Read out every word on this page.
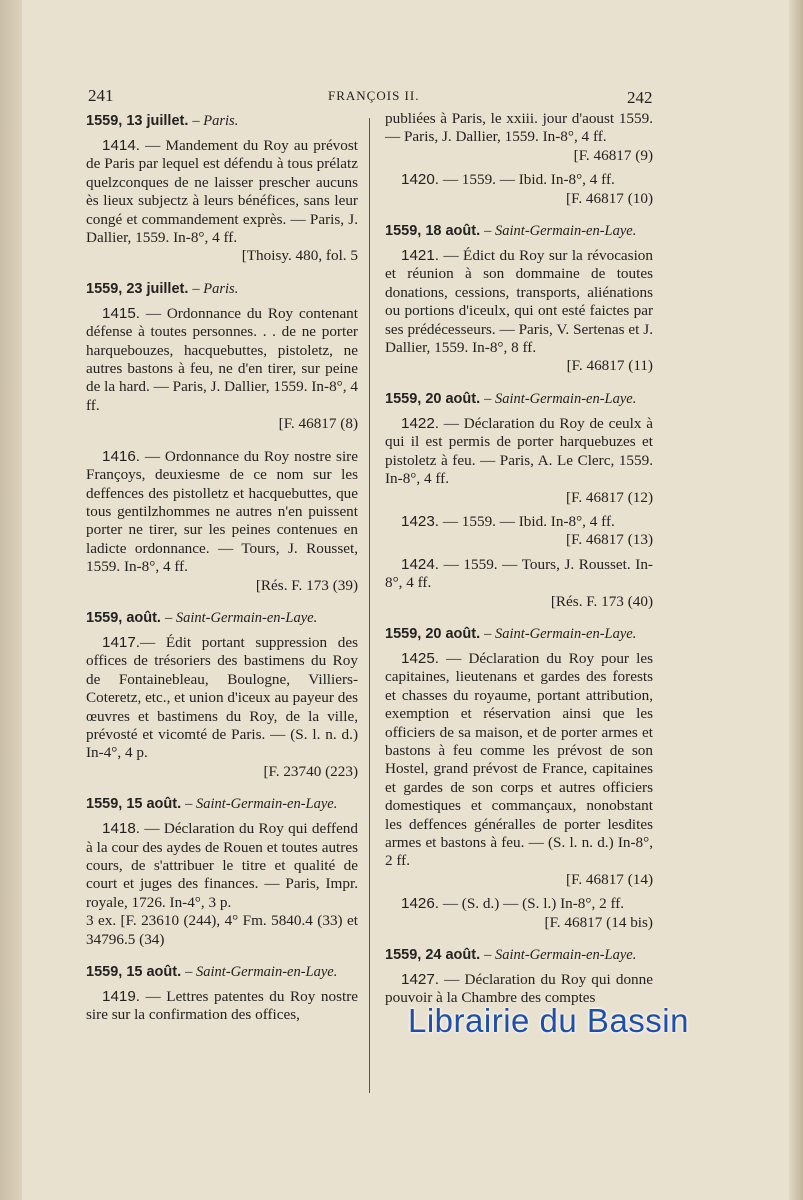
241	FRANÇOIS II.	242
1559, 13 juillet. – Paris.
1414. — Mandement du Roy au prévost de Paris par lequel est défendu à tous prélatz quelzconques de ne laisser prescher aucuns ès lieux subjectz à leurs bénéfices, sans leur congé et commandement exprès. — Paris, J. Dallier, 1559. In-8°, 4 ff.
[Thoisy. 480, fol. 5
1559, 23 juillet. – Paris.
1415. — Ordonnance du Roy contenant défense à toutes personnes. . . de ne porter harquebouzes, hacquebuttes, pistoletz, ne autres bastons à feu, ne d'en tirer, sur peine de la hard. — Paris, J. Dallier, 1559. In-8°, 4 ff.
[F. 46817 (8)
1416. — Ordonnance du Roy nostre sire Françoys, deuxiesme de ce nom sur les deffences des pistolletz et hacquebuttes, que tous gentilzhommes ne autres n'en puissent porter ne tirer, sur les peines contenues en ladicte ordonnance. — Tours, J. Rousset, 1559. In-8°, 4 ff.
[Rés. F. 173 (39)
1559, août. – Saint-Germain-en-Laye.
1417.— Édit portant suppression des offices de trésoriers des bastimens du Roy de Fontainebleau, Boulogne, Villiers-Coteretz, etc., et union d'iceux au payeur des œuvres et bastimens du Roy, de la ville, prévosté et vicomté de Paris. — (S. l. n. d.) In-4°, 4 p.
[F. 23740 (223)
1559, 15 août. – Saint-Germain-en-Laye.
1418. — Déclaration du Roy qui deffend à la cour des aydes de Rouen et toutes autres cours, de s'attribuer le titre et qualité de court et juges des finances. — Paris, Impr. royale, 1726. In-4°, 3 p.
3 ex. [F. 23610 (244), 4° Fm. 5840.4 (33) et 34796.5 (34)
1559, 15 août. – Saint-Germain-en-Laye.
1419. — Lettres patentes du Roy nostre sire sur la confirmation des offices,
publiées à Paris, le xxiii. jour d'aoust 1559. — Paris, J. Dallier, 1559. In-8°, 4 ff.
[F. 46817 (9)
1420. — 1559. — Ibid. In-8°, 4 ff.
[F. 46817 (10)
1559, 18 août. – Saint-Germain-en-Laye.
1421. — Édict du Roy sur la révocasion et réunion à son dommaine de toutes donations, cessions, transports, aliénations ou portions d'iceulx, qui ont esté faictes par ses prédécesseurs. — Paris, V. Sertenas et J. Dallier, 1559. In-8°, 8 ff.
[F. 46817 (11)
1559, 20 août. – Saint-Germain-en-Laye.
1422. — Déclaration du Roy de ceulx à qui il est permis de porter harquebuzes et pistoletz à feu. — Paris, A. Le Clerc, 1559. In-8°, 4 ff.
[F. 46817 (12)
1423. — 1559. — Ibid. In-8°, 4 ff.
[F. 46817 (13)
1424. — 1559. — Tours, J. Rousset. In-8°, 4 ff.
[Rés. F. 173 (40)
1559, 20 août. – Saint-Germain-en-Laye.
1425. — Déclaration du Roy pour les capitaines, lieutenans et gardes des forests et chasses du royaume, portant attribution, exemption et réservation ainsi que les officiers de sa maison, et de porter armes et bastons à feu comme les prévost de son Hostel, grand prévost de France, capitaines et gardes de son corps et autres officiers domestiques et commançaux, nonobstant les deffences généralles de porter lesdites armes et bastons à feu. — (S. l. n. d.) In-8°, 2 ff.
[F. 46817 (14)
1426. — (S. d.) — (S. l.) In-8°, 2 ff.
[F. 46817 (14 bis)
1559, 24 août. – Saint-Germain-en-Laye.
1427. — Déclaration du Roy qui donne pouvoir à la Chambre des comptes
Librairie du Bassin
